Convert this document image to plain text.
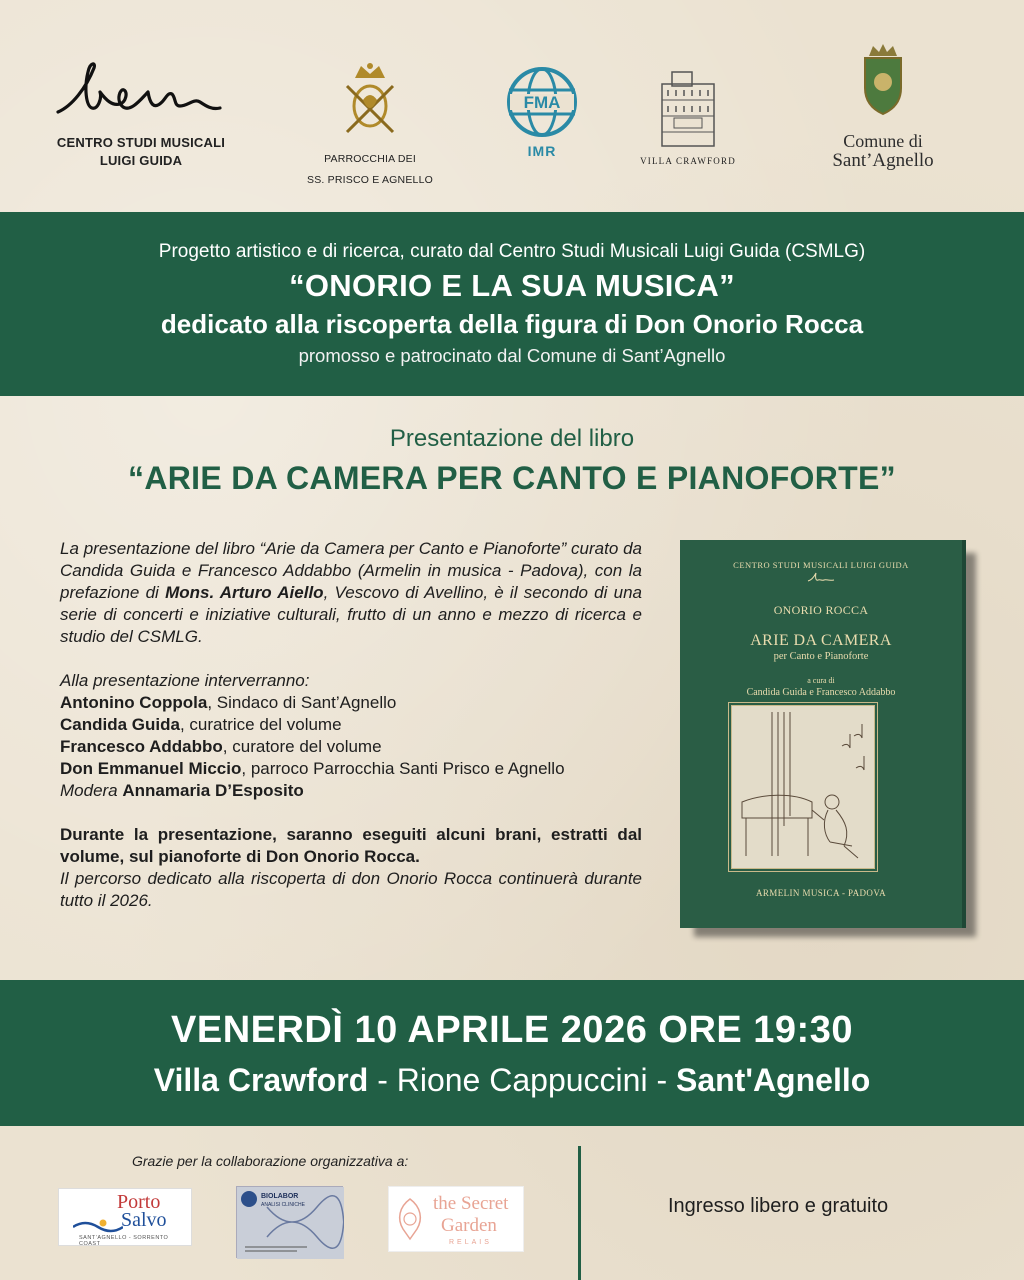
CENTRO STUDI MUSICALI
LUIGI GUIDA	PARROCCHIA DEI
SS. PRISCO E AGNELLO
FMA
IMR
VILLA CRAWFORD
Comune di
Sant’Agnello
Progetto artistico e di ricerca, curato dal Centro Studi Musicali Luigi Guida (CSMLG)
“ONORIO E LA SUA MUSICA”
dedicato alla riscoperta della figura di Don Onorio Rocca
promosso e patrocinato dal Comune di Sant’Agnello
Presentazione del libro
“ARIE DA CAMERA PER CANTO E PIANOFORTE”

La presentazione del libro “Arie da Camera per Canto e Pianoforte” curato da Candida Guida e Francesco Addabbo (Armelin in musica - Padova), con la prefazione di Mons. Arturo Aiello, Vescovo di Avellino, è il secondo di una serie di concerti e iniziative culturali, frutto di un anno e mezzo di ricerca e studio del CSMLG.

Alla presentazione interverranno:

Antonino Coppola, Sindaco di Sant’Agnello

Candida Guida, curatrice del volume

Francesco Addabbo, curatore del volume

Don Emmanuel Miccio, parroco Parrocchia Santi Prisco e Agnello

Modera Annamaria D’Esposito

Durante la presentazione, saranno eseguiti alcuni brani, estratti dal volume, sul pianoforte di Don Onorio Rocca.

Il percorso dedicato alla riscoperta di don Onorio Rocca continuerà durante tutto il 2026.

CENTRO STUDI MUSICALI LUIGI GUIDA
ONORIO ROCCA
ARIE DA CAMERA
per Canto e Pianoforte
a cura di
Candida Guida e Francesco Addabbo
ARMELIN MUSICA - PADOVA
VENERDÌ 10 APRILE 2026 ORE 19:30
Villa Crawford - Rione Cappuccini - Sant'Agnello
Grazie per la collaborazione organizzativa a:
Ingresso libero e gratuito
Porto
Salvo
SANT’AGNELLO - SORRENTO COAST
BIOLABOR
ANALISI CLINICHE	the Secret
Garden
RELAIS
